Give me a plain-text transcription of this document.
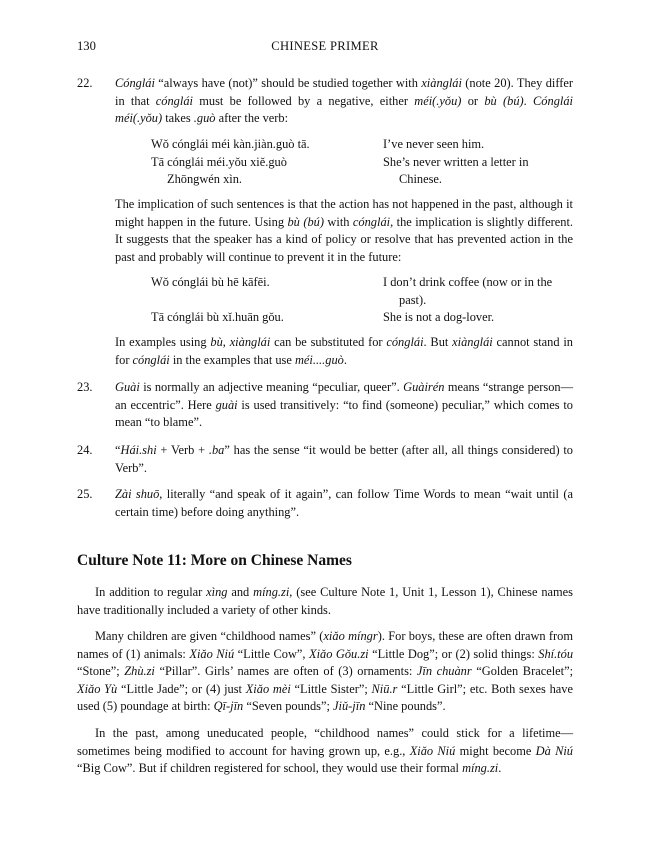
130	CHINESE PRIMER
22. Cónglái “always have (not)” should be studied together with xiànglái (note 20). They differ in that cónglái must be followed by a negative, either méi(.yǒu) or bù (bú). Cónglái méi(.yǒu) takes .guò after the verb:
Wǒ cónglái méi kàn.jiàn.guò tā.
Tā cónglái méi.yǒu xiě.guò
Zhōngwén xìn.
I’ve never seen him.
She’s never written a letter in
Chinese.
The implication of such sentences is that the action has not happened in the past, although it might happen in the future. Using bù (bú) with cónglái, the implication is slightly different. It suggests that the speaker has a kind of policy or resolve that has prevented action in the past and probably will continue to prevent it in the future:
Wǒ cónglái bù hē kāfēi.
Tā cónglái bù xǐ.huān gǒu.
I don’t drink coffee (now or in the
past).
She is not a dog-lover.
In examples using bù, xiànglái can be substituted for cónglái. But xiànglái cannot stand in for cónglái in the examples that use méi....guò.
23. Guài is normally an adjective meaning “peculiar, queer”. Guàirén means “strange person—an eccentric”. Here guài is used transitively: “to find (someone) peculiar,” which comes to mean “to blame”.
24. “Hái.shi + Verb + .ba” has the sense “it would be better (after all, all things considered) to Verb”.
25. Zài shuō, literally “and speak of it again”, can follow Time Words to mean “wait until (a certain time) before doing anything”.
Culture Note 11: More on Chinese Names
In addition to regular xìng and míng.zi, (see Culture Note 1, Unit 1, Lesson 1), Chinese names have traditionally included a variety of other kinds.
Many children are given “childhood names” (xiǎo míngr). For boys, these are often drawn from names of (1) animals: Xiǎo Niú “Little Cow”, Xiǎo Gǒu.zi “Little Dog”; or (2) solid things: Shí.tóu “Stone”; Zhù.zi “Pillar”. Girls’ names are often of (3) ornaments: Jīn chuànr “Golden Bracelet”; Xiǎo Yù “Little Jade”; or (4) just Xiǎo mèi “Little Sister”; Niū.r “Little Girl”; etc. Both sexes have used (5) poundage at birth: Qī-jīn “Seven pounds”; Jiǔ-jīn “Nine pounds”.
In the past, among uneducated people, “childhood names” could stick for a lifetime—sometimes being modified to account for having grown up, e.g., Xiǎo Niú might become Dà Niú “Big Cow”. But if children registered for school, they would use their formal míng.zi.
